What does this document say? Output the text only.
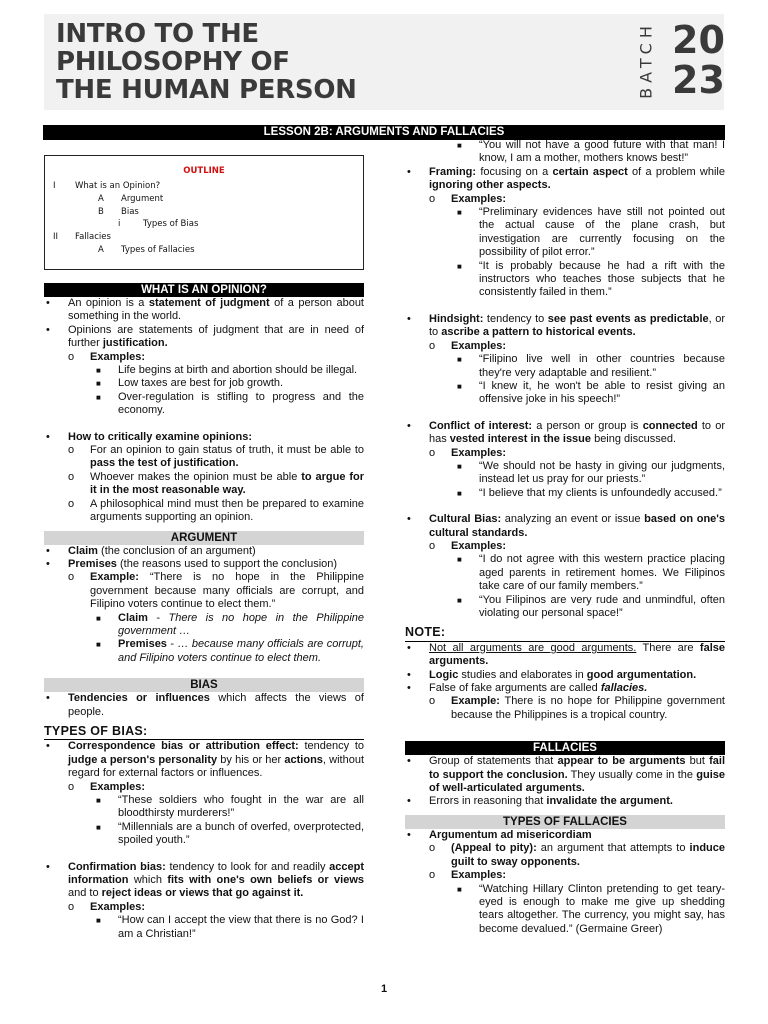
INTRO TO THE
PHILOSOPHY OF
THE HUMAN PERSON	BATCH 20
23
LESSON 2B: ARGUMENTS AND FALLACIES
OUTLINE
I What is an Opinion?
A Argument
B Bias
i	Types of Bias
II Fallacies
A Types of Fallacies
WHAT IS AN OPINION?
• An opinion is a statement of judgment of a person about something in the world.
• Opinions are statements of judgment that are in need of further justification.
o Examples:
■ Life begins at birth and abortion should be illegal.
■ Low taxes are best for job growth.
■ Over-regulation is stifling to progress and the economy.
• How to critically examine opinions:
o For an opinion to gain status of truth, it must be able to pass the test of justification.
o Whoever makes the opinion must be able to argue for it in the most reasonable way.
o A philosophical mind must then be prepared to examine arguments supporting an opinion.
ARGUMENT
• Claim (the conclusion of an argument)
• Premises (the reasons used to support the conclusion)
o Example: “There is no hope in the Philippine government because many officials are corrupt, and Filipino voters continue to elect them.”
■ Claim - There is no hope in the Philippine government …
■ Premises - … because many officials are corrupt, and Filipino voters continue to elect them.
BIAS
• Tendencies or influences which affects the views of people.
TYPES OF BIAS:
• Correspondence bias or attribution effect: tendency to judge a person's personality by his or her actions, without regard for external factors or influences.
o Examples:
■ “These soldiers who fought in the war are all bloodthirsty murderers!”
■ “Millennials are a bunch of overfed, overprotected, spoiled youth.”
• Confirmation bias: tendency to look for and readily accept information which fits with one's own beliefs or views and to reject ideas or views that go against it.
o Examples:
■ “How can I accept the view that there is no God? I am a Christian!”
■ “You will not have a good future with that man! I know, I am a mother, mothers knows best!”
• Framing: focusing on a certain aspect of a problem while ignoring other aspects.
o Examples:
■ “Preliminary evidences have still not pointed out the actual cause of the plane crash, but investigation are currently focusing on the possibility of pilot error.”
■ “It is probably because he had a rift with the instructors who teaches those subjects that he consistently failed in them.”
• Hindsight: tendency to see past events as predictable, or to ascribe a pattern to historical events.
o Examples:
■ “Filipino live well in other countries because they're very adaptable and resilient.”
■ “I knew it, he won't be able to resist giving an offensive joke in his speech!”
• Conflict of interest: a person or group is connected to or has vested interest in the issue being discussed.
o Examples:
■ “We should not be hasty in giving our judgments, instead let us pray for our priests.”
■ “I believe that my clients is unfoundedly accused.”
• Cultural Bias: analyzing an event or issue based on one's cultural standards.
o Examples:
■ “I do not agree with this western practice placing aged parents in retirement homes. We Filipinos take care of our family members.”
■ “You Filipinos are very rude and unmindful, often violating our personal space!”
NOTE:
• Not all arguments are good arguments. There are false arguments.
• Logic studies and elaborates in good argumentation.
• False of fake arguments are called fallacies.
o Example: There is no hope for Philippine government because the Philippines is a tropical country.
FALLACIES
• Group of statements that appear to be arguments but fail to support the conclusion. They usually come in the guise of well-articulated arguments.
• Errors in reasoning that invalidate the argument.
TYPES OF FALLACIES
• Argumentum ad misericordiam
o (Appeal to pity): an argument that attempts to induce guilt to sway opponents.
o Examples:
■ “Watching Hillary Clinton pretending to get teary-eyed is enough to make me give up shedding tears altogether. The currency, you might say, has become devalued.” (Germaine Greer)
1
